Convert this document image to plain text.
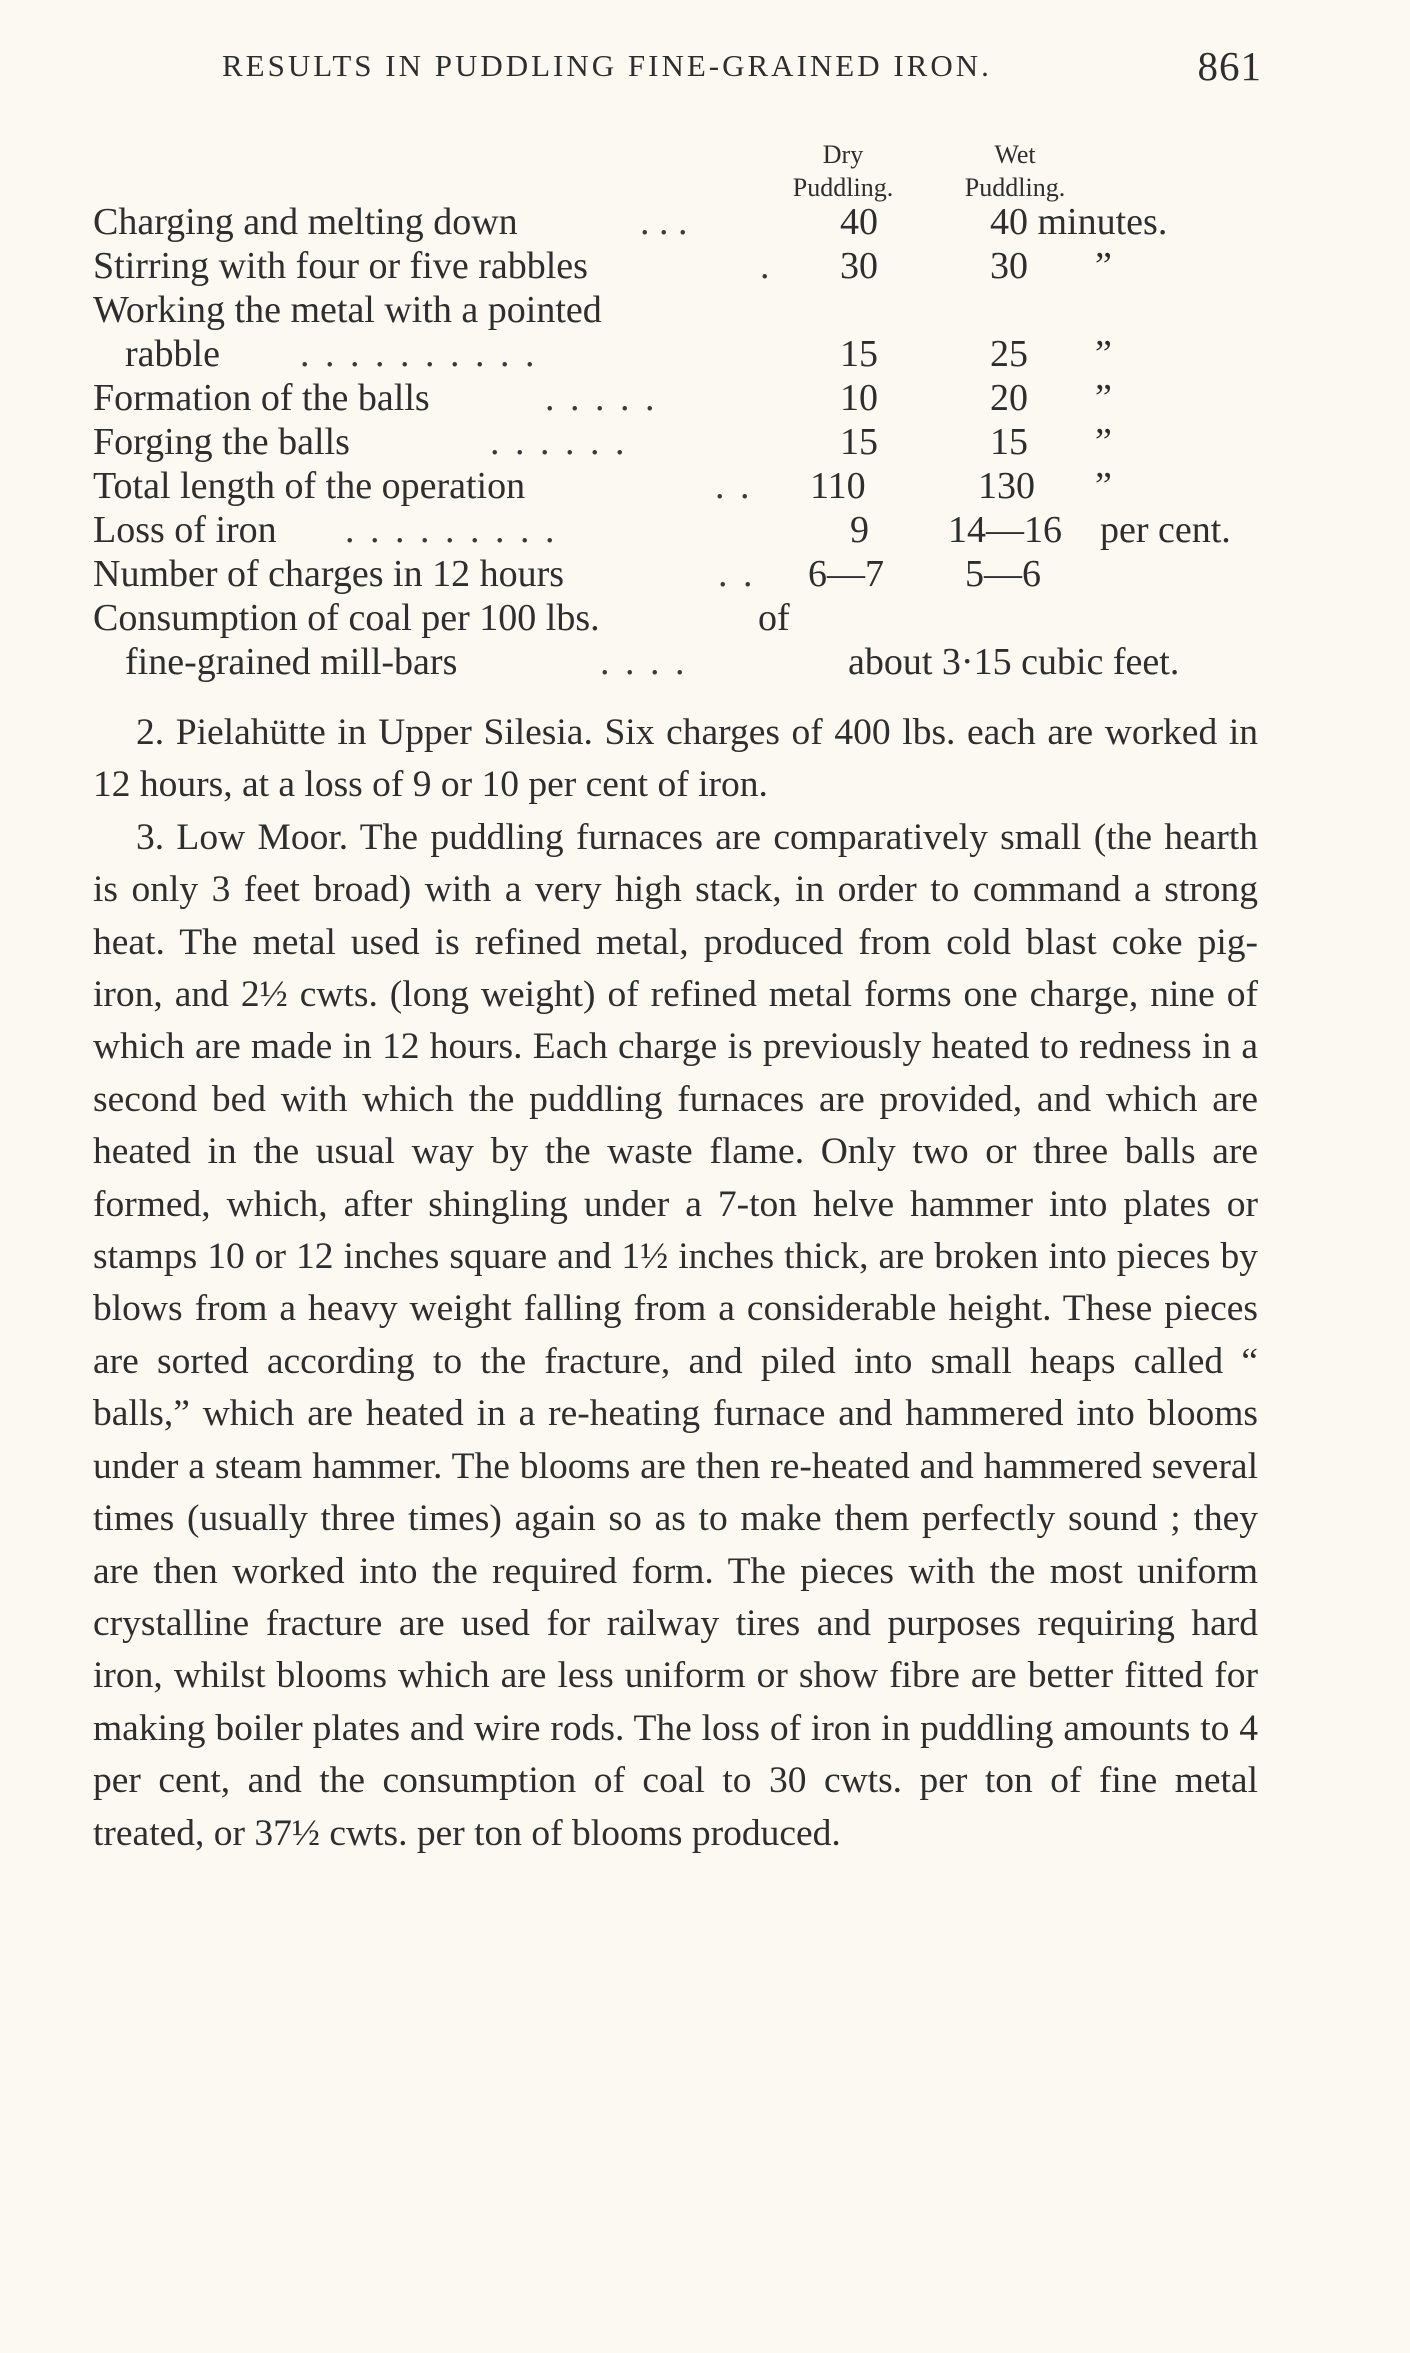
RESULTS IN PUDDLING FINE-GRAINED IRON.	861
Dry
Puddling.
Wet
Puddling.
Charging and melting down	. . .	40	40 minutes.
Stirring with four or five rabbles	. 30	30 ”
Working the metal with a pointed
rabble . . . . . . . . . .	15	25 ”
Formation of the balls	. . . . .	10	20 ”
Forging the balls	. . . . . .	15	15 ”
Total length of the operation	. . 110	130 ”
Loss of iron . . . . . . . . .	9 14—16 per cent.
Number of charges in 12 hours	. . 6—7 5—6
Consumption of coal per 100 lbs.	of
fine-grained mill-bars	. . . .	about 3·15 cubic feet.

2. Pielahütte in Upper Silesia. Six charges of 400 lbs. each are worked in 12 hours, at a loss of 9 or 10 per cent of iron.

3. Low Moor. The puddling furnaces are comparatively small (the hearth is only 3 feet broad) with a very high stack, in order to command a strong heat. The metal used is refined metal, produced from cold blast coke pig-iron, and 2½ cwts. (long weight) of refined metal forms one charge, nine of which are made in 12 hours. Each charge is previously heated to redness in a second bed with which the puddling furnaces are provided, and which are heated in the usual way by the waste flame. Only two or three balls are formed, which, after shingling under a 7-ton helve hammer into plates or stamps 10 or 12 inches square and 1½ inches thick, are broken into pieces by blows from a heavy weight falling from a considerable height. These pieces are sorted according to the fracture, and piled into small heaps called “ balls,” which are heated in a re-heating furnace and hammered into blooms under a steam hammer. The blooms are then re-heated and hammered several times (usually three times) again so as to make them perfectly sound ; they are then worked into the required form. The pieces with the most uniform crystalline fracture are used for railway tires and purposes requiring hard iron, whilst blooms which are less uniform or show fibre are better fitted for making boiler plates and wire rods. The loss of iron in puddling amounts to 4 per cent, and the consumption of coal to 30 cwts. per ton of fine metal treated, or 37½ cwts. per ton of blooms produced.
